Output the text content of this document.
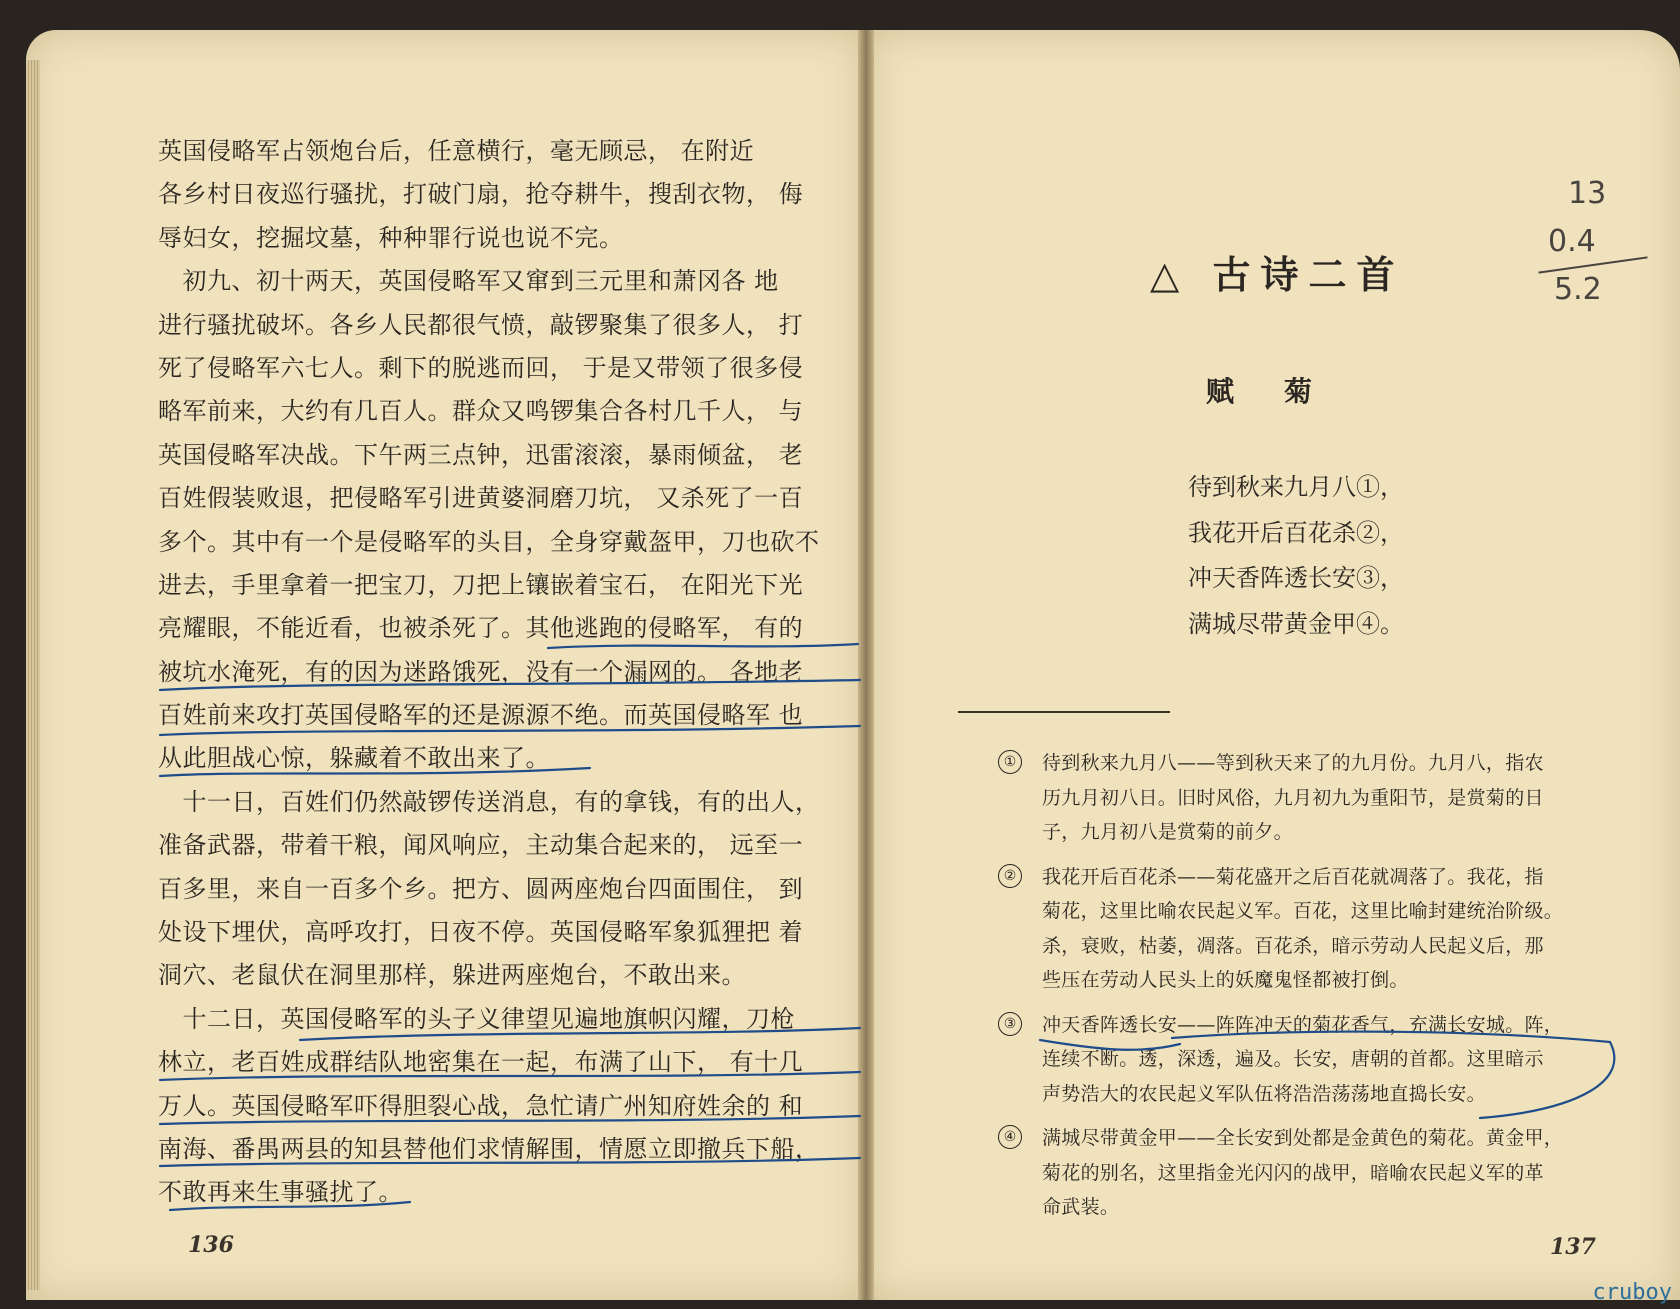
英国侵略军占领炮台后，任意横行，毫无顾忌， 在附近
各乡村日夜巡行骚扰，打破门扇，抢夺耕牛，搜刮衣物， 侮
辱妇女，挖掘坟墓，种种罪行说也说不完。
　初九、初十两天，英国侵略军又窜到三元里和萧冈各 地
进行骚扰破坏。各乡人民都很气愤，敲锣聚集了很多人， 打
死了侵略军六七人。剩下的脱逃而回， 于是又带领了很多侵
略军前来，大约有几百人。群众又鸣锣集合各村几千人， 与
英国侵略军决战。下午两三点钟，迅雷滚滚，暴雨倾盆， 老
百姓假装败退，把侵略军引进黄婆洞磨刀坑， 又杀死了一百
多个。其中有一个是侵略军的头目，全身穿戴盔甲，刀也砍不
进去，手里拿着一把宝刀，刀把上镶嵌着宝石， 在阳光下光
亮耀眼，不能近看，也被杀死了。其他逃跑的侵略军， 有的
被坑水淹死，有的因为迷路饿死，没有一个漏网的。 各地老
百姓前来攻打英国侵略军的还是源源不绝。而英国侵略军 也
从此胆战心惊，躲藏着不敢出来了。
　十一日，百姓们仍然敲锣传送消息，有的拿钱，有的出人，
准备武器，带着干粮，闻风响应，主动集合起来的， 远至一
百多里，来自一百多个乡。把方、圆两座炮台四面围住， 到
处设下埋伏，高呼攻打，日夜不停。英国侵略军象狐狸把 着
洞穴、老鼠伏在洞里那样，躲进两座炮台，不敢出来。
　十二日，英国侵略军的头子义律望见遍地旗帜闪耀，刀枪
林立，老百姓成群结队地密集在一起，布满了山下， 有十几
万人。英国侵略军吓得胆裂心战，急忙请广州知府姓余的 和
南海、番禺两县的知县替他们求情解围，情愿立即撤兵下船，
不敢再来生事骚扰了。
136
△ 古诗二首
赋菊
待到秋来九月八①，
我花开后百花杀②，
冲天香阵透长安③，
满城尽带黄金甲④。
①	待到秋来九月八——等到秋天来了的九月份。九月八，指农
历九月初八日。旧时风俗，九月初九为重阳节，是赏菊的日
子，九月初八是赏菊的前夕。
②	我花开后百花杀——菊花盛开之后百花就凋落了。我花，指
菊花，这里比喻农民起义军。百花，这里比喻封建统治阶级。
杀，衰败，枯萎，凋落。百花杀，暗示劳动人民起义后，那
些压在劳动人民头上的妖魔鬼怪都被打倒。
③	冲天香阵透长安——阵阵冲天的菊花香气，充满长安城。阵，
连续不断。透，深透，遍及。长安，唐朝的首都。这里暗示
声势浩大的农民起义军队伍将浩浩荡荡地直捣长安。
④	满城尽带黄金甲——全长安到处都是金黄色的菊花。黄金甲，
菊花的别名，这里指金光闪闪的战甲，暗喻农民起义军的革
命武装。
137
13
0.4
5.2
cruboy
